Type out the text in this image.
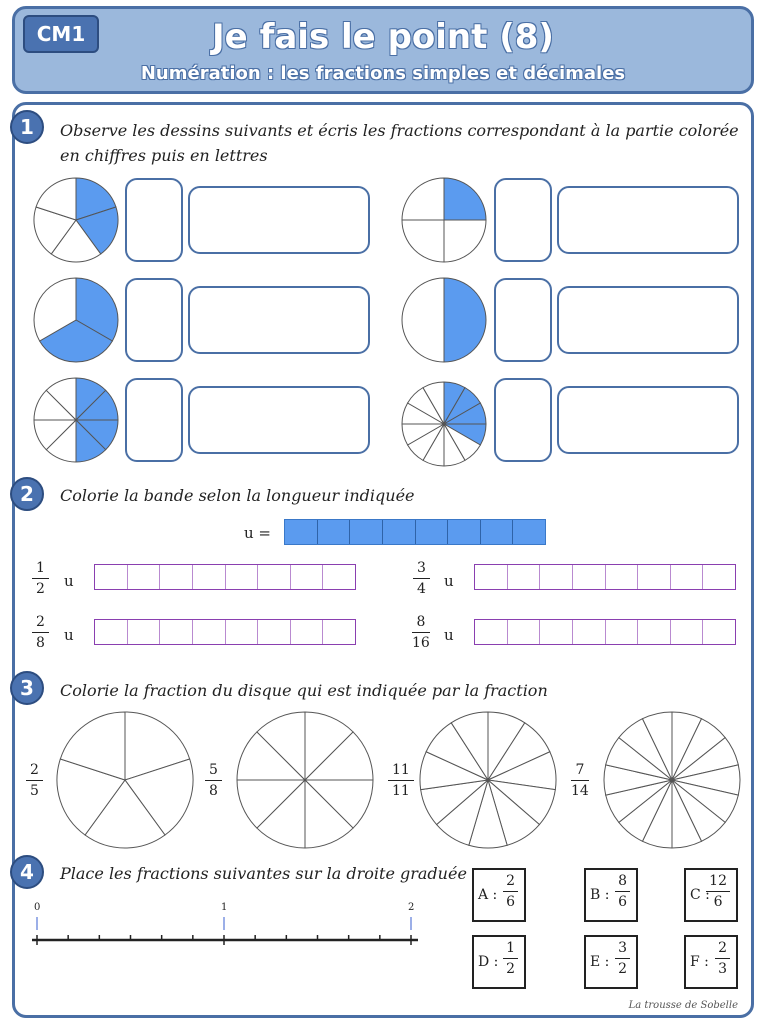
CM1	Je fais le point (8)
Numération : les fractions simples et décimales
1	Observe les dessins suivants et écris les fractions correspondant à la partie colorée en chiffres puis en lettres
2	Colorie la bande selon la longueur indiquée
u =
$\frac{1}{2}$ u	$\frac{3}{4}$ u
$\frac{2}{8}$ u	$\frac{8}{16}$ u
3	Colorie la fraction du disque qui est indiquée par la fraction
$\frac{2}{5}$	$\frac{5}{8}$	$\frac{11}{11}$	$\frac{7}{14}$
4	Place les fractions suivantes sur la droite graduée
0	1	2
A :
2
6	B :
8
6	C :
12
6
D :
1
2	E :
3
2	F :
2
3
La trousse de Sobelle
